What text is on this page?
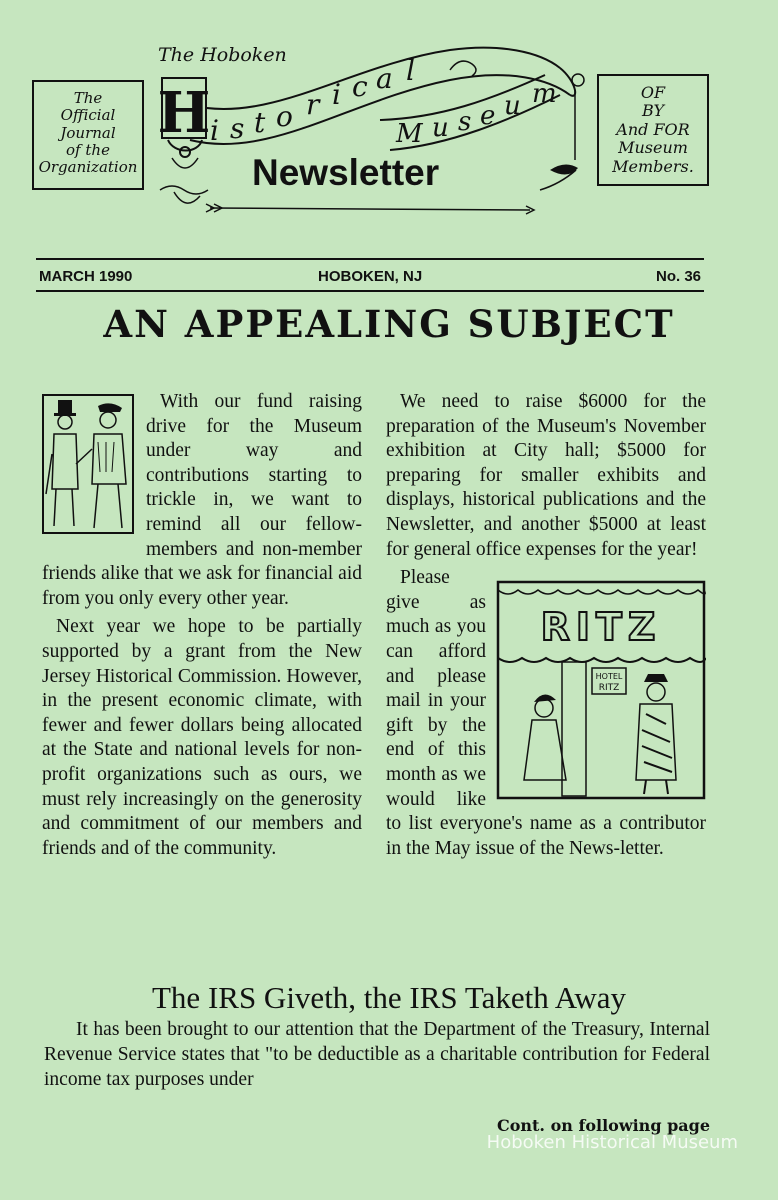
The
Official
Journal
of the
Organization
OF
BY
And FOR
Museum
Members.
H i s t o r i c a l
M u s e u m
The Hoboken
Newsletter
MARCH 1990	HOBOKEN, NJ	No. 36
AN APPEALING SUBJECT

With our fund raising drive for the Museum under way and contributions starting to trickle in, we want to remind all our fellow-members and non-member friends alike that we ask for financial aid from you only every other year.

Next year we hope to be partially supported by a grant from the New Jersey Historical Commission. However, in the present economic climate, with fewer and fewer dollars being allocated at the State and national levels for non-profit organizations such as ours, we must rely increasingly on the generosity and commitment of our members and friends and of the community.

We need to raise $6000 for the preparation of the Museum's November exhibition at City hall; $5000 for preparing for smaller exhibits and displays, historical publications and the Newsletter, and another $5000 at least for general office expenses for the year!

RITZ
HOTEL
RITZ
Please give as much as you can afford and please mail in your gift by the end of this month as we would like to list everyone's name as a contributor in the May issue of the News-letter.

The IRS Giveth, the IRS Taketh Away

It has been brought to our attention that the Department of the Treasury, Internal Revenue Service states that "to be deductible as a charitable contribution for Federal income tax purposes under

Cont. on following page
Hoboken Historical Museum
